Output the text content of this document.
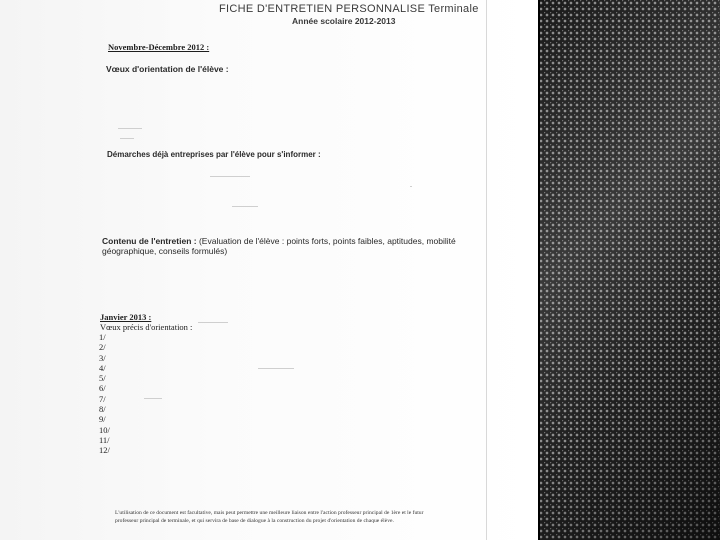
FICHE D'ENTRETIEN PERSONNALISE Terminale
Année scolaire 2012-2013
Novembre-Décembre 2012 :
Vœux d'orientation de l'élève :
Démarches déjà entreprises par l'élève pour s'informer :
Contenu de l'entretien : (Evaluation de l'élève : points forts, points faibles, aptitudes, mobilité géographique, conseils formulés)
Janvier 2013 :
Vœux précis d'orientation :
1/
2/
3/
4/
5/
6/
7/
8/
9/
10/
11/
12/
L'utilisation de ce document est facultative, mais peut permettre une meilleure liaison entre l'action professeur principal de 1ère et le futur professeur principal de terminale, et qui servira de base de dialogue à la construction du projet d'orientation de chaque élève.
